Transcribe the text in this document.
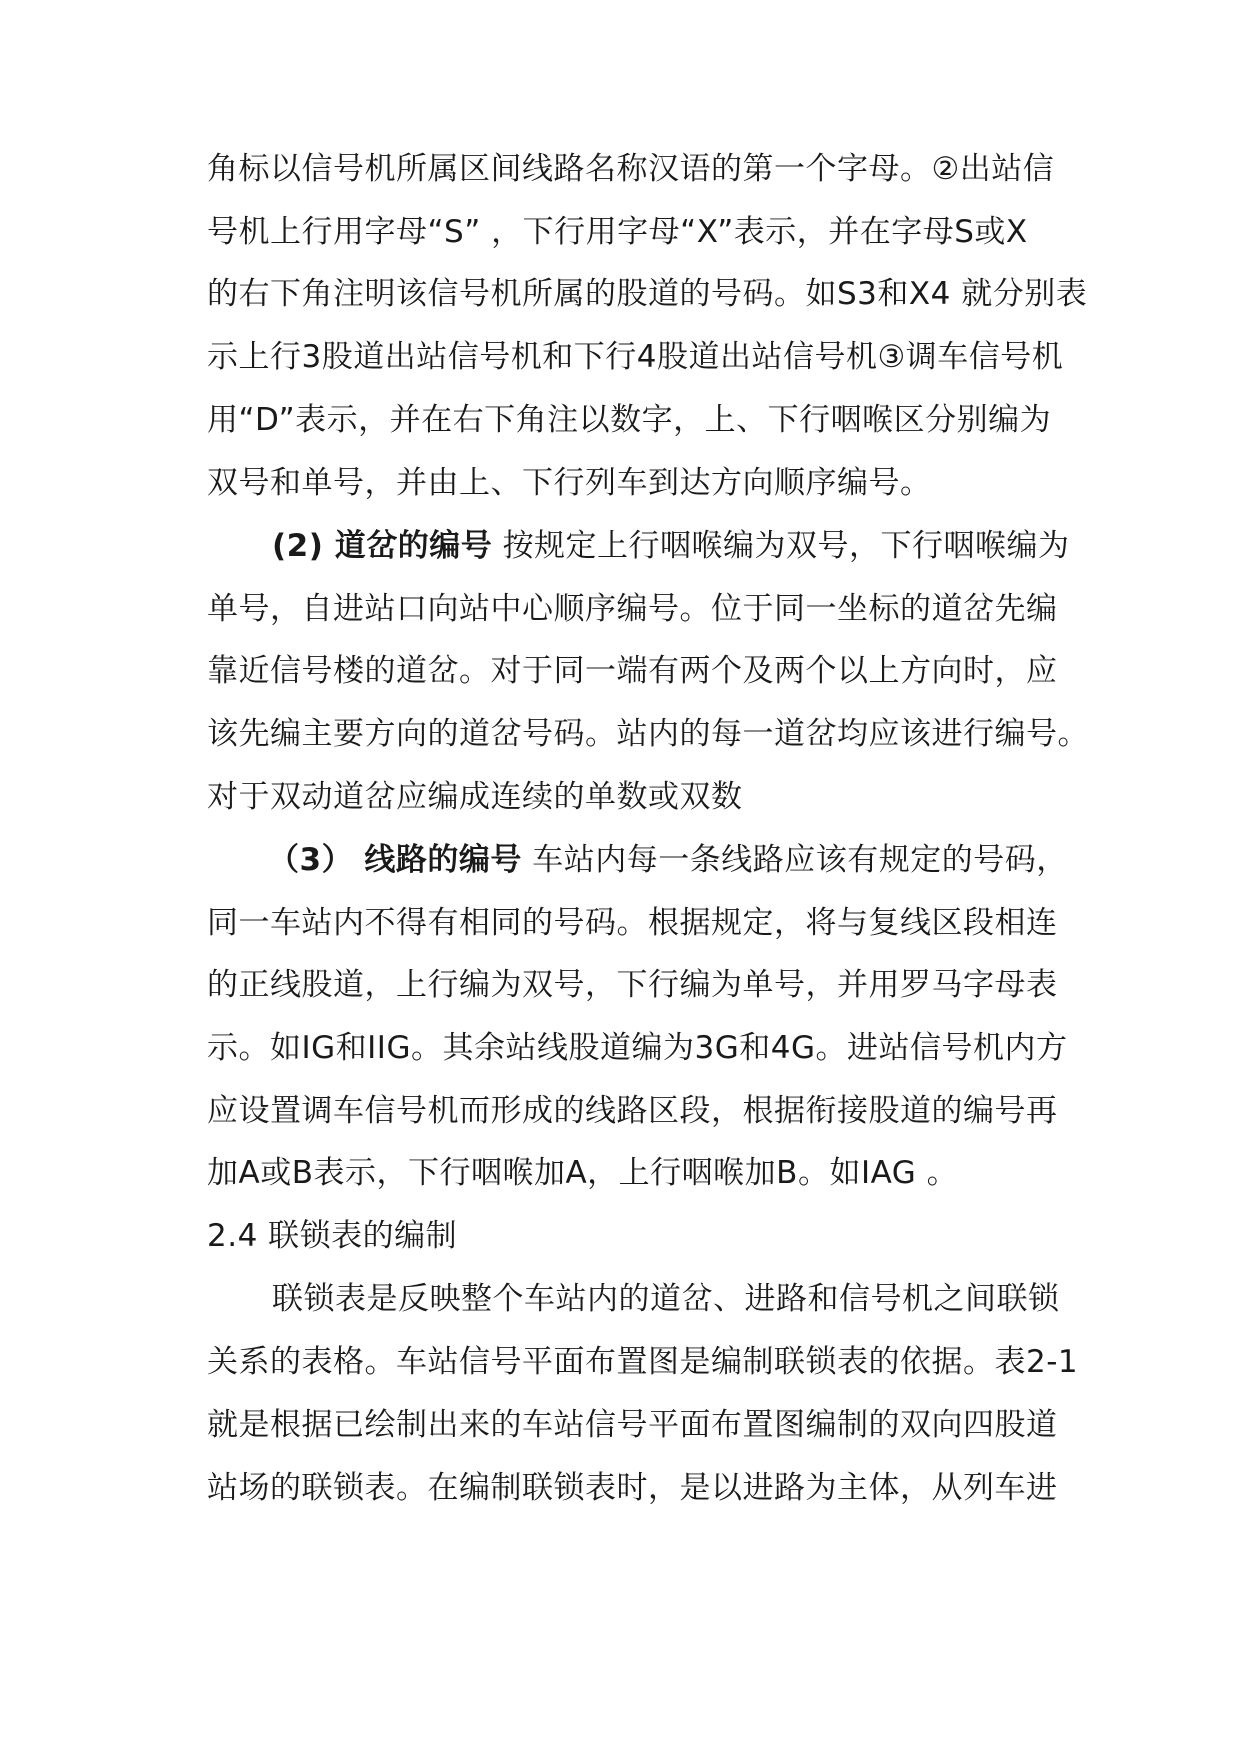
角标以信号机所属区间线路名称汉语的第一个字母。②出站信
号机上行用字母“S” ，下行用字母“X”表示，并在字母S或X
的右下角注明该信号机所属的股道的号码。如S3和X4 就分别表
示上行3股道出站信号机和下行4股道出站信号机③调车信号机
用“D”表示，并在右下角注以数字，上、下行咽喉区分别编为
双号和单号，并由上、下行列车到达方向顺序编号。
(2) 道岔的编号 按规定上行咽喉编为双号，下行咽喉编为
单号，自进站口向站中心顺序编号。位于同一坐标的道岔先编
靠近信号楼的道岔。对于同一端有两个及两个以上方向时，应
该先编主要方向的道岔号码。站内的每一道岔均应该进行编号。
对于双动道岔应编成连续的单数或双数
（3） 线路的编号 车站内每一条线路应该有规定的号码，
同一车站内不得有相同的号码。根据规定，将与复线区段相连
的正线股道，上行编为双号，下行编为单号，并用罗马字母表
示。如IG和IIG。其余站线股道编为3G和4G。进站信号机内方
应设置调车信号机而形成的线路区段，根据衔接股道的编号再
加A或B表示，下行咽喉加A，上行咽喉加B。如IAG 。
2.4 联锁表的编制
联锁表是反映整个车站内的道岔、进路和信号机之间联锁
关系的表格。车站信号平面布置图是编制联锁表的依据。表2-1
就是根据已绘制出来的车站信号平面布置图编制的双向四股道
站场的联锁表。在编制联锁表时，是以进路为主体，从列车进
